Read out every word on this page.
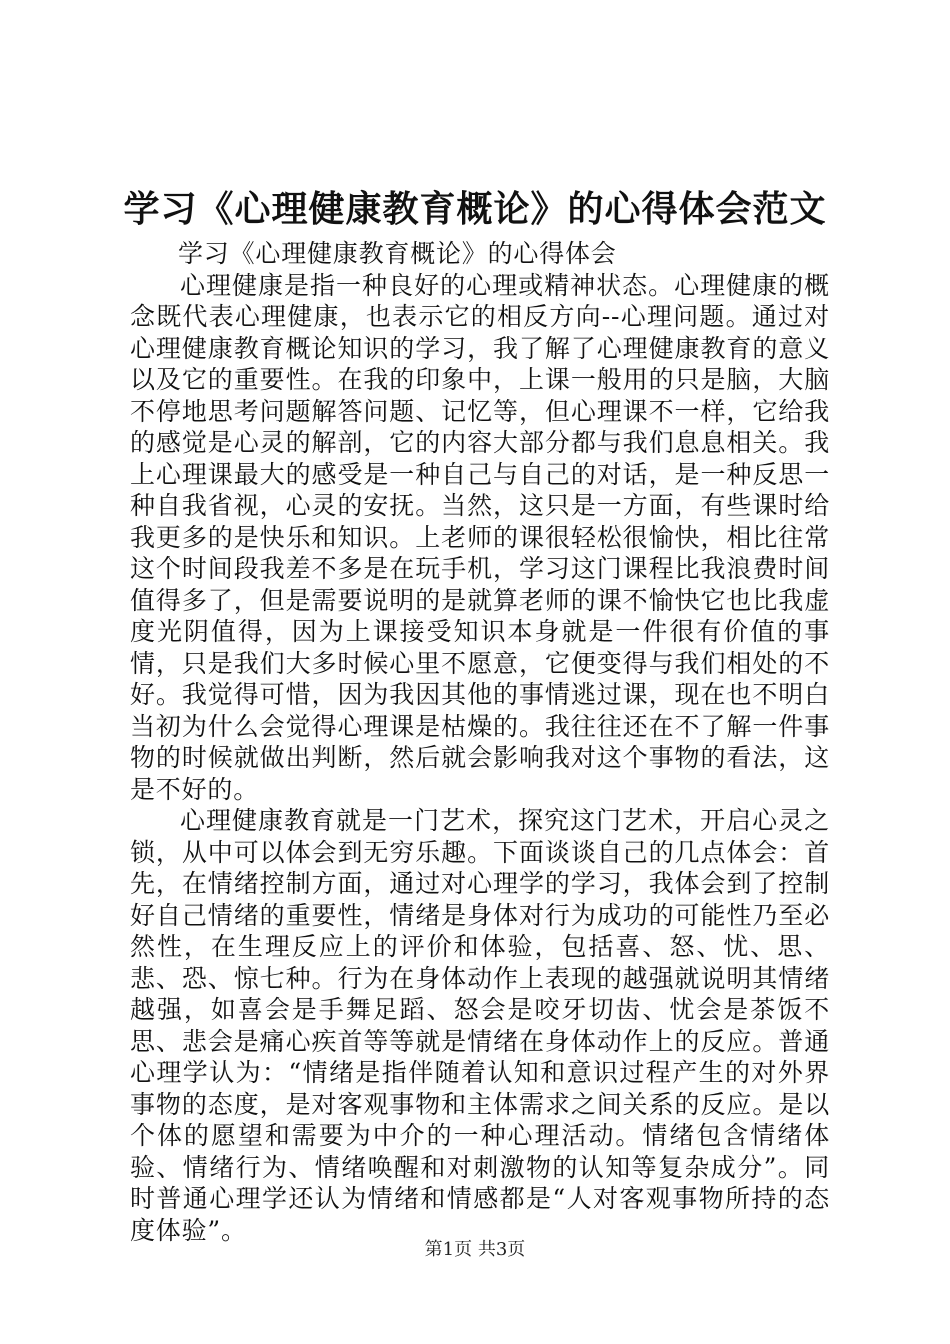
学习《心理健康教育概论》的心得体会范文

学习《心理健康教育概论》的心得体会

心理健康是指一种良好的心理或精神状态。心理健康的概念既代表心理健康，也表示它的相反方向--心理问题。通过对心理健康教育概论知识的学习，我了解了心理健康教育的意义以及它的重要性。在我的印象中，上课一般用的只是脑，大脑不停地思考问题解答问题、记忆等，但心理课不一样，它给我的感觉是心灵的解剖，它的内容大部分都与我们息息相关。我上心理课最大的感受是一种自己与自己的对话，是一种反思一种自我省视，心灵的安抚。当然，这只是一方面，有些课时给我更多的是快乐和知识。上老师的课很轻松很愉快，相比往常这个时间段我差不多是在玩手机，学习这门课程比我浪费时间值得多了，但是需要说明的是就算老师的课不愉快它也比我虚度光阴值得，因为上课接受知识本身就是一件很有价值的事情，只是我们大多时候心里不愿意，它便变得与我们相处的不好。我觉得可惜，因为我因其他的事情逃过课，现在也不明白当初为什么会觉得心理课是枯燥的。我往往还在不了解一件事物的时候就做出判断，然后就会影响我对这个事物的看法，这是不好的。

心理健康教育就是一门艺术，探究这门艺术，开启心灵之锁，从中可以体会到无穷乐趣。下面谈谈自己的几点体会：首先，在情绪控制方面，通过对心理学的学习，我体会到了控制好自己情绪的重要性，情绪是身体对行为成功的可能性乃至必然性，在生理反应上的评价和体验，包括喜、怒、忧、思、悲、恐、惊七种。行为在身体动作上表现的越强就说明其情绪越强，如喜会是手舞足蹈、怒会是咬牙切齿、忧会是茶饭不思、悲会是痛心疾首等等就是情绪在身体动作上的反应。普通心理学认为：“情绪是指伴随着认知和意识过程产生的对外界事物的态度，是对客观事物和主体需求之间关系的反应。是以个体的愿望和需要为中介的一种心理活动。情绪包含情绪体验、情绪行为、情绪唤醒和对刺激物的认知等复杂成分”。同时普通心理学还认为情绪和情感都是“人对客观事物所持的态度体验”。

第1页 共3页
